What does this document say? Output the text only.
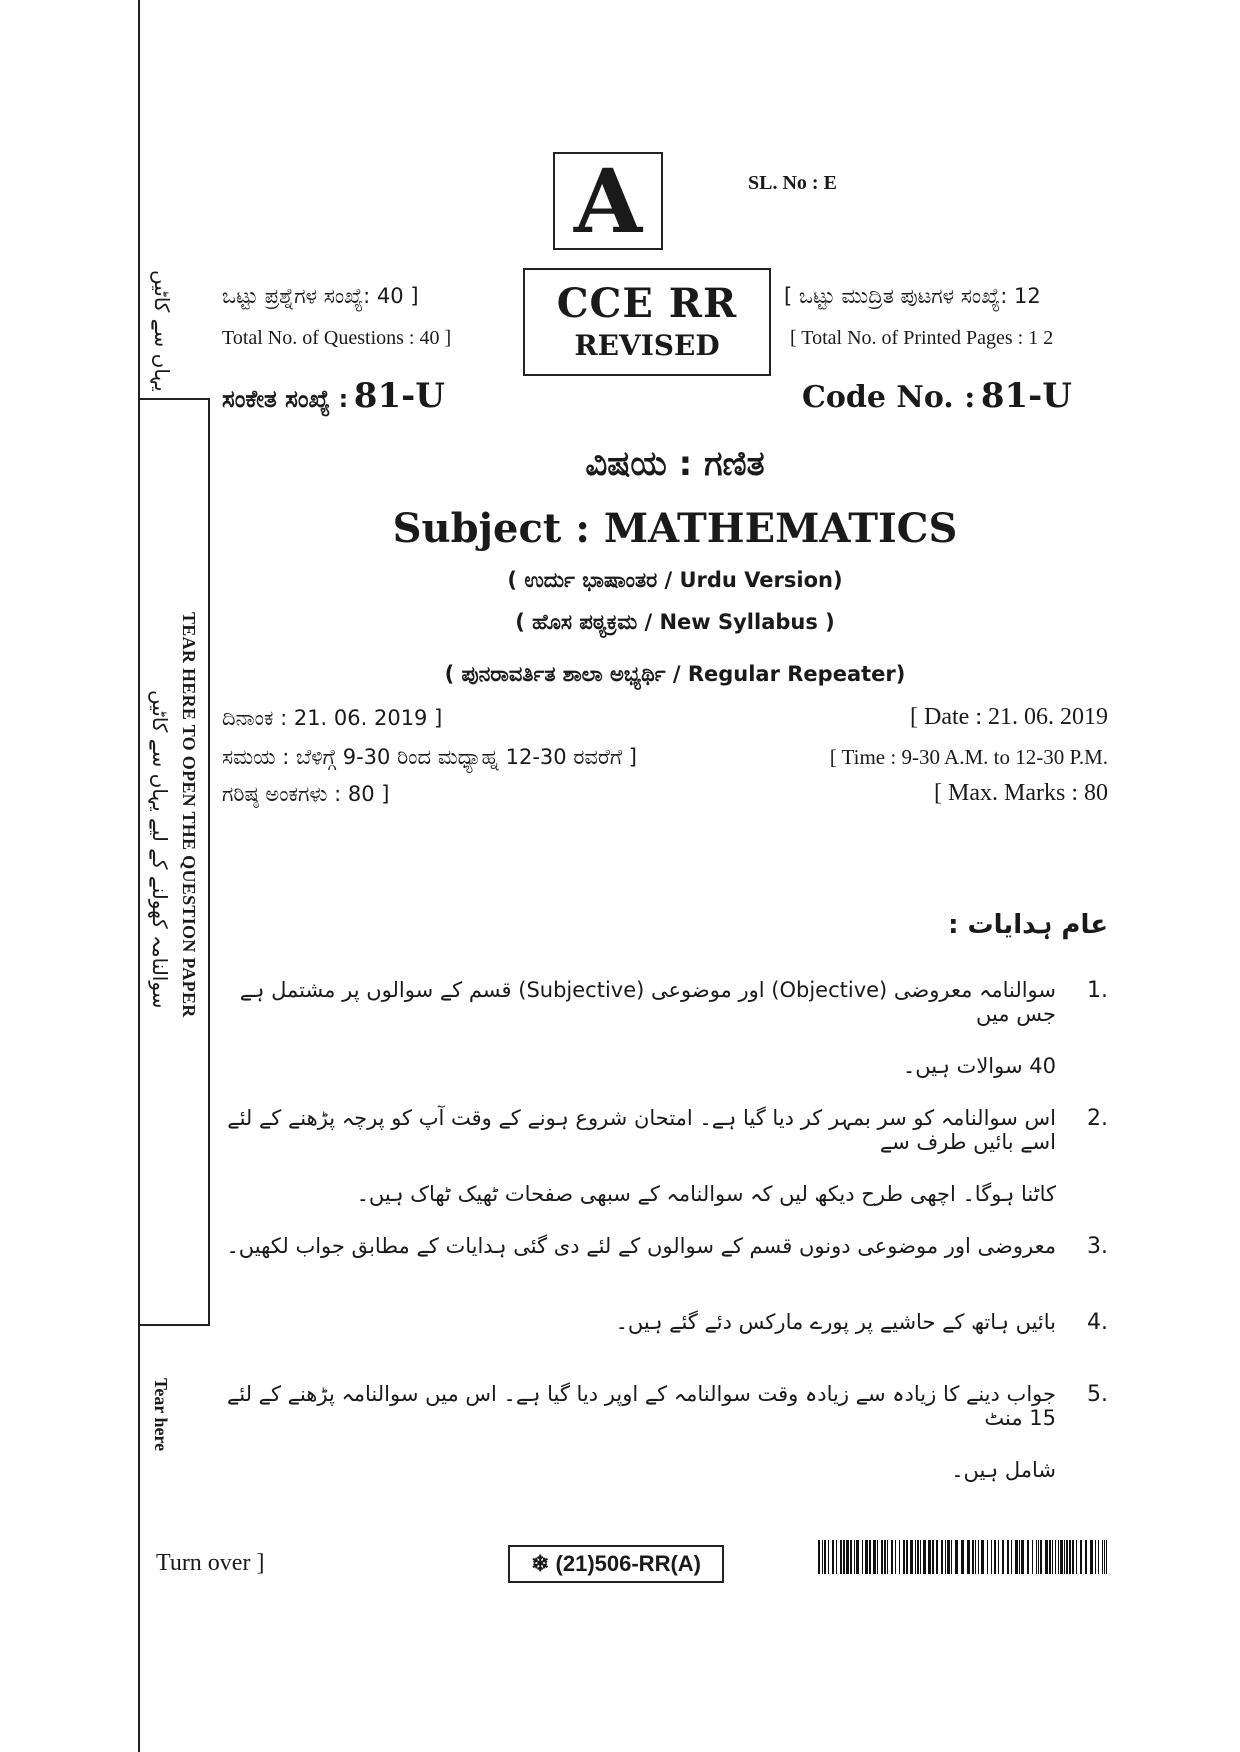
یہاں سے کاٹیں
TEAR HERE TO OPEN THE QUESTION PAPER
سوالنامہ کھولنے کے لیے یہاں سے کاٹیں
Tear here
A	SL. No : E
CCE RR
REVISED
ಒಟ್ಟು ಪ್ರಶ್ನೆಗಳ ಸಂಖ್ಯೆ: 40 ]
Total No. of Questions : 40 ]
[ ಒಟ್ಟು ಮುದ್ರಿತ ಪುಟಗಳ ಸಂಖ್ಯೆ: 12
[ Total No. of Printed Pages : 1 2
ಸಂಕೇತ ಸಂಖ್ಯೆ : 81-U	Code No. : 81-U
ವಿಷಯ : ಗಣಿತ
Subject : MATHEMATICS
( ಉರ್ದು ಭಾಷಾಂತರ / Urdu Version)
( ಹೊಸ ಪಠ್ಯಕ್ರಮ / New Syllabus )
( ಪುನರಾವರ್ತಿತ ಶಾಲಾ ಅಭ್ಯರ್ಥಿ / Regular Repeater)
ದಿನಾಂಕ : 21. 06. 2019 ]	[ Date : 21. 06. 2019
ಸಮಯ : ಬೆಳಿಗ್ಗೆ 9-30 ರಿಂದ ಮಧ್ಯಾಹ್ನ 12-30 ರವರೆಗೆ ]	[ Time : 9-30 A.M. to 12-30 P.M.
ಗರಿಷ್ಠ ಅಂಕಗಳು : 80 ]	[ Max. Marks : 80
عام ہدایات :
1.
سوالنامہ معروضی (Objective) اور موضوعی (Subjective) قسم کے سوالوں پر مشتمل ہے جس میں
40 سوالات ہیں۔
2.
اس سوالنامہ کو سر بمہر کر دیا گیا ہے۔ امتحان شروع ہونے کے وقت آپ کو پرچہ پڑھنے کے لئے اسے بائیں طرف سے
کاٹنا ہوگا۔ اچھی طرح دیکھ لیں کہ سوالنامہ کے سبھی صفحات ٹھیک ٹھاک ہیں۔
3.
معروضی اور موضوعی دونوں قسم کے سوالوں کے لئے دی گئی ہدایات کے مطابق جواب لکھیں۔
4.
بائیں ہاتھ کے حاشیے پر پورے مارکس دئے گئے ہیں۔
5.
جواب دینے کا زیادہ سے زیادہ وقت سوالنامہ کے اوپر دیا گیا ہے۔ اس میں سوالنامہ پڑھنے کے لئے 15 منٹ
شامل ہیں۔
Turn over ]	❄ (21)506-RR(A)
